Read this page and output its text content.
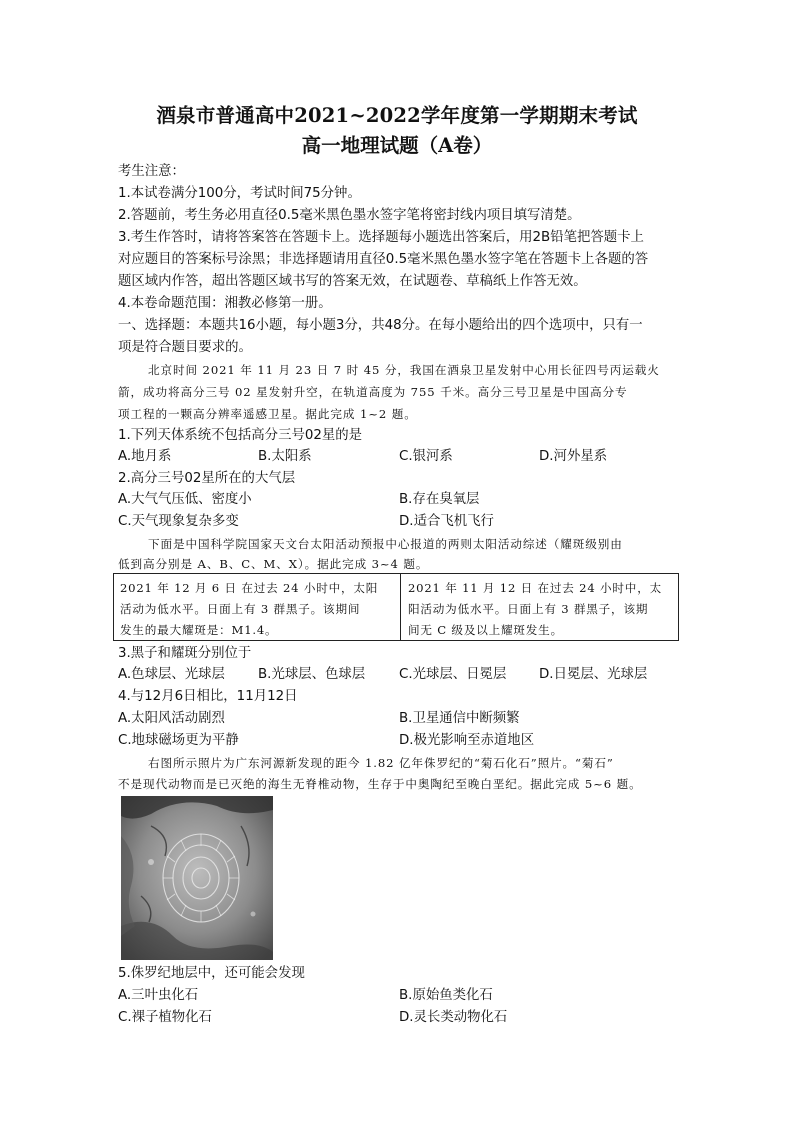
酒泉市普通高中2021~2022学年度第一学期期末考试
高一地理试题（A卷）
考生注意：
1.本试卷满分100分，考试时间75分钟。
2.答题前，考生务必用直径0.5毫米黑色墨水签字笔将密封线内项目填写清楚。
3.考生作答时，请将答案答在答题卡上。选择题每小题选出答案后，用2B铅笔把答题卡上
对应题目的答案标号涂黑；非选择题请用直径0.5毫米黑色墨水签字笔在答题卡上各题的答
题区域内作答，超出答题区域书写的答案无效，在试题卷、草稿纸上作答无效。
4.本卷命题范围：湘教必修第一册。
一、选择题：本题共16小题，每小题3分，共48分。在每小题给出的四个选项中，只有一
项是符合题目要求的。
北京时间 2021 年 11 月 23 日 7 时 45 分，我国在酒泉卫星发射中心用长征四号丙运载火
箭，成功将高分三号 02 星发射升空，在轨道高度为 755 千米。高分三号卫星是中国高分专
项工程的一颗高分辨率遥感卫星。据此完成 1~2 题。
1.下列天体系统不包括高分三号02星的是
A.地月系	B.太阳系	C.银河系	D.河外星系
2.高分三号02星所在的大气层
A.大气气压低、密度小	B.存在臭氧层
C.天气现象复杂多变	D.适合飞机飞行
下面是中国科学院国家天文台太阳活动预报中心报道的两则太阳活动综述（耀斑级别由
低到高分别是 A、B、C、M、X）。据此完成 3~4 题。
2021 年 12 月 6 日 在过去 24 小时中，太阳
活动为低水平。日面上有 3 群黑子。该期间
发生的最大耀斑是：M1.4。
2021 年 11 月 12 日 在过去 24 小时中，太
阳活动为低水平。日面上有 3 群黑子，该期
间无 C 级及以上耀斑发生。
3.黑子和耀斑分别位于
A.色球层、光球层 B.光球层、色球层	C.光球层、日冕层 D.日冕层、光球层
4.与12月6日相比，11月12日
A.太阳风活动剧烈	B.卫星通信中断频繁
C.地球磁场更为平静	D.极光影响至赤道地区
右图所示照片为广东河源新发现的距今 1.82 亿年侏罗纪的“菊石化石”照片。“菊石”
不是现代动物而是已灭绝的海生无脊椎动物，生存于中奥陶纪至晚白垩纪。据此完成 5~6 题。
5.侏罗纪地层中，还可能会发现
A.三叶虫化石	B.原始鱼类化石
C.裸子植物化石	D.灵长类动物化石
